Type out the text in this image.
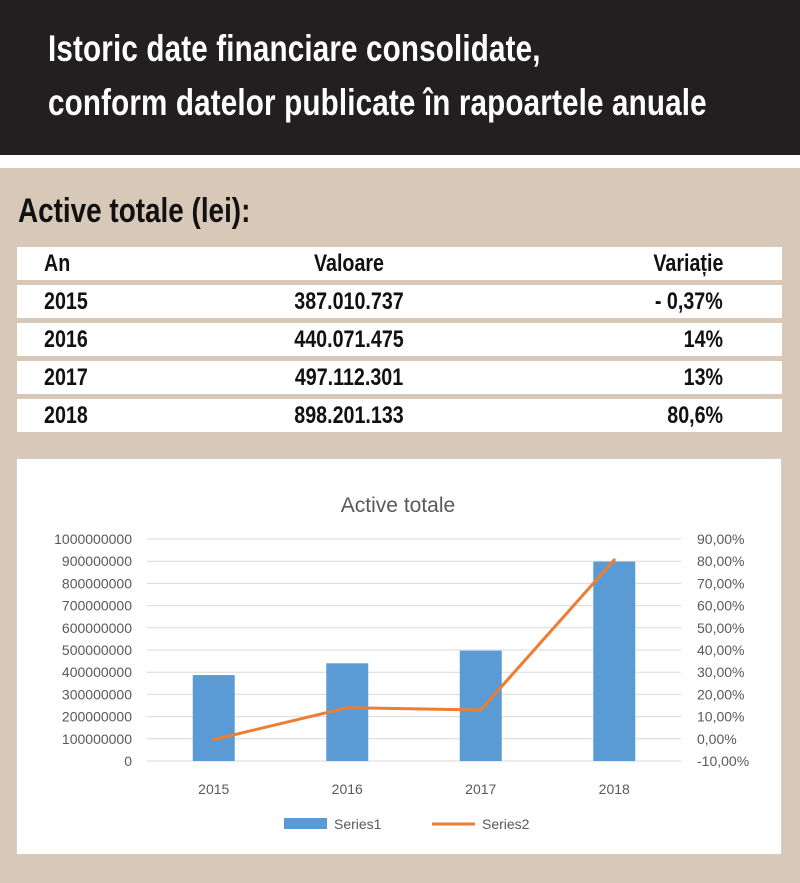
Istoric date financiare consolidate,
conform datelor publicate în rapoartele anuale
Active totale (lei):
An	Valoare	Variație
2015	387.010.737	- 0,37%
2016	440.071.475	14%
2017	497.112.301	13%
2018	898.201.133	80,6%
Active totale
0
100000000
200000000
300000000
400000000
500000000
600000000
700000000
800000000
900000000
1000000000
-10,00%
0,00%
10,00%
20,00%
30,00%
40,00%
50,00%
60,00%
70,00%
80,00%
90,00%
2015	2016	2017	2018
Series1	Series2
